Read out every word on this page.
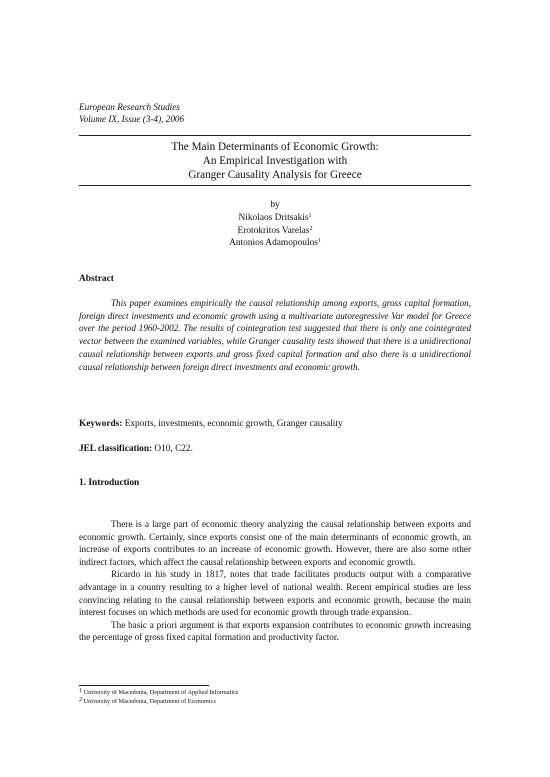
European Research Studies
Volume IX, Issue (3-4), 2006
The Main Determinants of Economic Growth:
An Empirical Investigation with
Granger Causality Analysis for Greece
by
Nikolaos Dritsakis$^1$
Erotokritos Varelas$^2$
Antonios Adamopoulos$^1$
Abstract

This paper examines empirically the causal relationship among exports, gross capital formation, foreign direct investments and economic growth using a multivariate autoregressive Var model for Greece over the period 1960-2002. The results of cointegration test suggested that there is only one cointegrated vector between the examined variables, while Granger causality tests showed that there is a unidirectional causal relationship between exports and gross fixed capital formation and also there is a unidirectional causal relationship between foreign direct investments and economic growth.

Keywords: Exports, investments, economic growth, Granger causality
JEL classification: O10, C22.
1. Introduction

There is a large part of economic theory analyzing the causal relationship between exports and economic growth. Certainly, since exports consist one of the main determinants of economic growth, an increase of exports contributes to an increase of economic growth. However, there are also some other indirect factors, which affect the causal relationship between exports and economic growth.

Ricardo in his study in 1817, notes that trade facilitates products output with a comparative advantage in a country resulting to a higher level of national wealth. Recent empirical studies are less convincing relating to the causal relationship between exports and economic growth, because the main interest focuses on which methods are used for economic growth through trade expansion.

The basic a priori argument is that exports expansion contributes to economic growth increasing the percentage of gross fixed capital formation and productivity factor.

$^1$ University of Macedonia, Department of Applied Informatics
$^2$ University of Macedonia, Department of Economics
